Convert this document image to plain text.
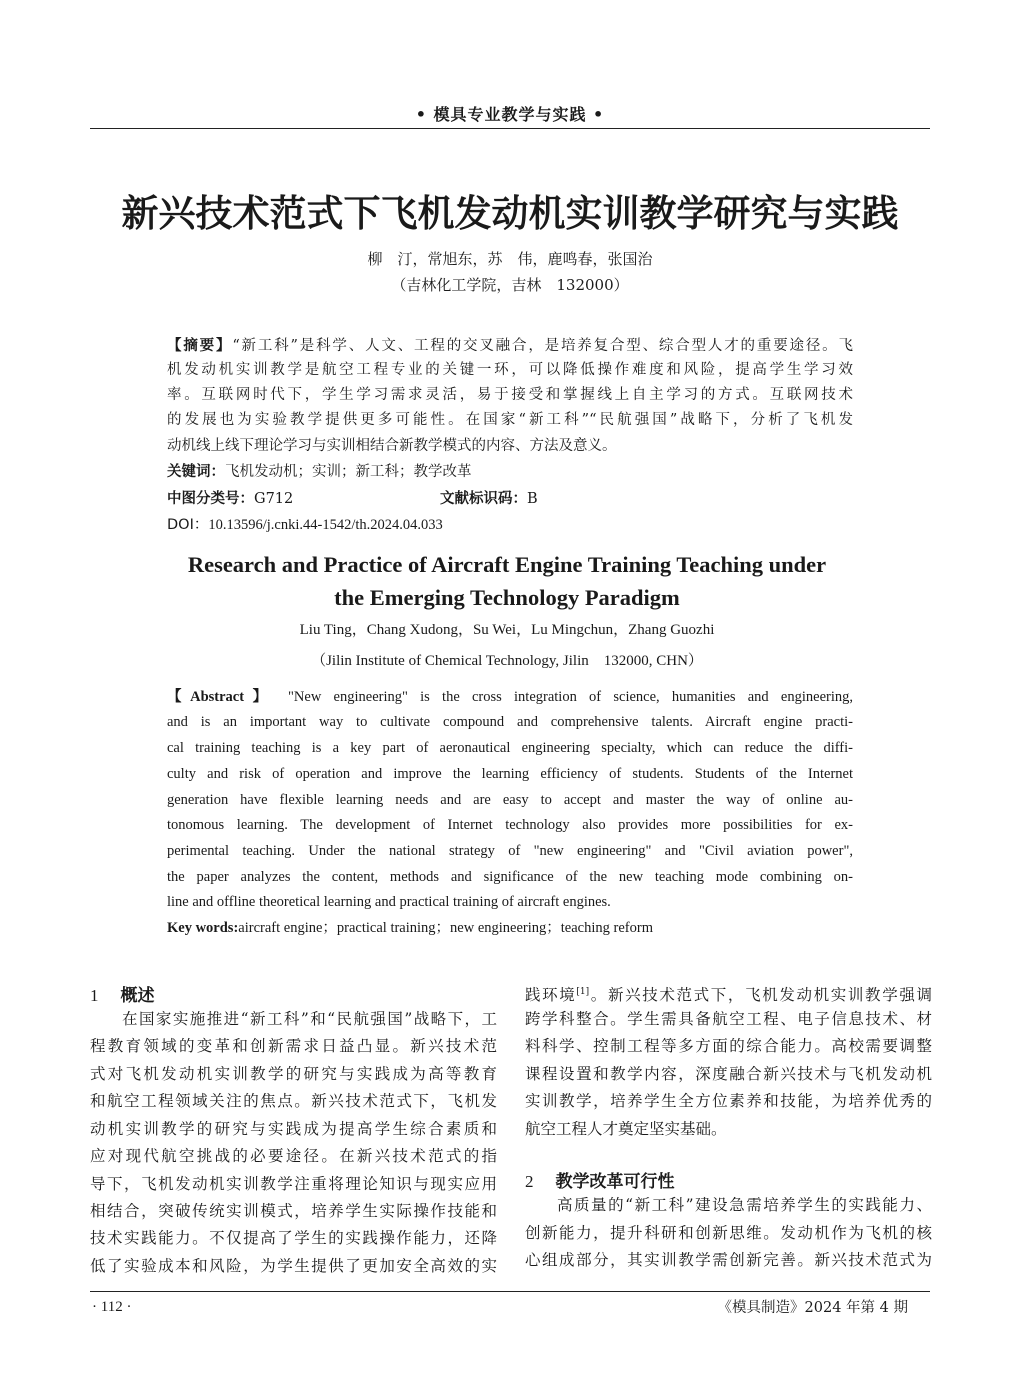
• 模具专业教学与实践 •
新兴技术范式下飞机发动机实训教学研究与实践
柳　汀，常旭东，苏　伟，鹿鸣春，张国治
（吉林化工学院，吉林　132000）
【摘要】“新工科”是科学、人文、工程的交叉融合，是培养复合型、综合型人才的重要途径。飞
机发动机实训教学是航空工程专业的关键一环，可以降低操作难度和风险，提高学生学习效
率。互联网时代下，学生学习需求灵活，易于接受和掌握线上自主学习的方式。互联网技术
的发展也为实验教学提供更多可能性。在国家“新工科”“民航强国”战略下，分析了飞机发
动机线上线下理论学习与实训相结合新教学模式的内容、方法及意义。
关键词：飞机发动机；实训；新工科；教学改革
中图分类号：G712	文献标识码：B
DOI：10.13596/j.cnki.44-1542/th.2024.04.033
Research and Practice of Aircraft Engine Training Teaching under
the Emerging Technology Paradigm
Liu Ting，Chang Xudong，Su Wei，Lu Mingchun，Zhang Guozhi
（Jilin Institute of Chemical Technology, Jilin　132000, CHN）
【Abstract】 "New engineering" is the cross integration of science, humanities and engineering,
and is an important way to cultivate compound and comprehensive talents. Aircraft engine practi-
cal training teaching is a key part of aeronautical engineering specialty, which can reduce the diffi-
culty and risk of operation and improve the learning efficiency of students. Students of the Internet
generation have flexible learning needs and are easy to accept and master the way of online au-
tonomous learning. The development of Internet technology also provides more possibilities for ex-
perimental teaching. Under the national strategy of "new engineering" and "Civil aviation power",
the paper analyzes the content, methods and significance of the new teaching mode combining on-
line and offline theoretical learning and practical training of aircraft engines.
Key words:aircraft engine；practical training；new engineering；teaching reform
1 概述
在国家实施推进“新工科”和“民航强国”战略下，工
程教育领域的变革和创新需求日益凸显。新兴技术范
式对飞机发动机实训教学的研究与实践成为高等教育
和航空工程领域关注的焦点。新兴技术范式下，飞机发
动机实训教学的研究与实践成为提高学生综合素质和
应对现代航空挑战的必要途径。在新兴技术范式的指
导下，飞机发动机实训教学注重将理论知识与现实应用
相结合，突破传统实训模式，培养学生实际操作技能和
技术实践能力。不仅提高了学生的实践操作能力，还降
低了实验成本和风险，为学生提供了更加安全高效的实
践环境[1]。新兴技术范式下，飞机发动机实训教学强调
跨学科整合。学生需具备航空工程、电子信息技术、材
料科学、控制工程等多方面的综合能力。高校需要调整
课程设置和教学内容，深度融合新兴技术与飞机发动机
实训教学，培养学生全方位素养和技能，为培养优秀的
航空工程人才奠定坚实基础。
2 教学改革可行性
高质量的“新工科”建设急需培养学生的实践能力、
创新能力，提升科研和创新思维。发动机作为飞机的核
心组成部分，其实训教学需创新完善。新兴技术范式为
· 112 ·	《模具制造》2024 年第 4 期
